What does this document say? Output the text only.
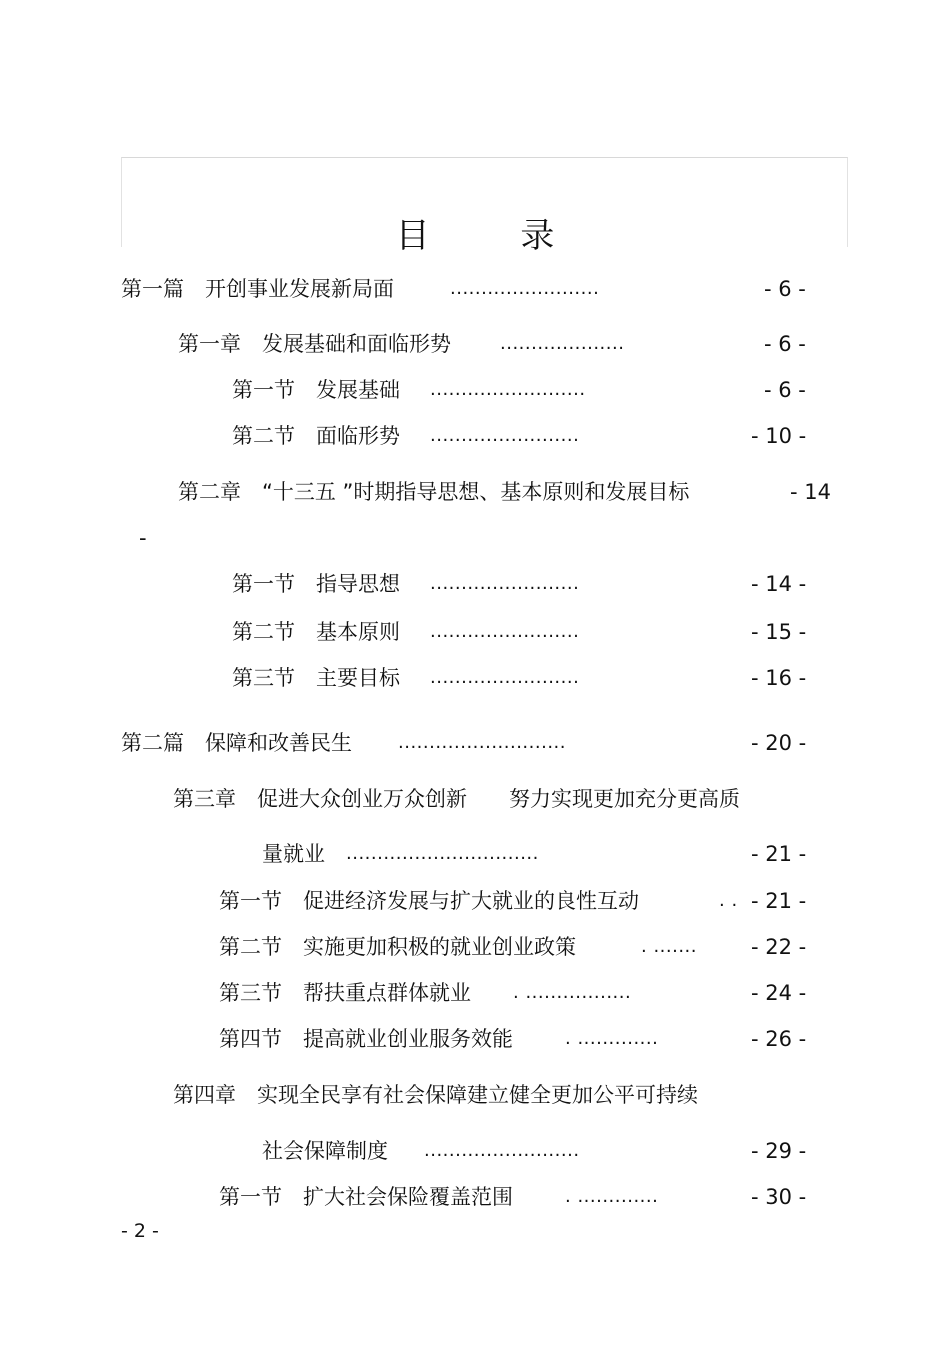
目 录
第一篇　开创事业发展新局面	........................	- 6 -
第一章　发展基础和面临形势	....................	- 6 -
第一节　发展基础 .........................	- 6 -
第二节　面临形势 ........................	- 10 -
第二章　“十三五 ”时期指导思想、基本原则和发展目标	- 14
-
第一节　指导思想 ........................	- 14 -
第二节　基本原则 ........................	- 15 -
第三节　主要目标 ........................	- 16 -
第二篇　保障和改善民生	...........................	- 20 -
第三章　促进大众创业万众创新　　努力实现更加充分更高质
量就业 ...............................	- 21 -
第一节　促进经济发展与扩大就业的良性互动	. . - 21 -
第二节　实施更加积极的就业创业政策	. .......	- 22 -
第三节　帮扶重点群体就业 . .................	- 24 -
第四节　提高就业创业服务效能	. .............	- 26 -
第四章　实现全民享有社会保障建立健全更加公平可持续
社会保障制度 .........................	- 29 -
第一节　扩大社会保险覆盖范围	. .............	- 30 -
- 2 -
